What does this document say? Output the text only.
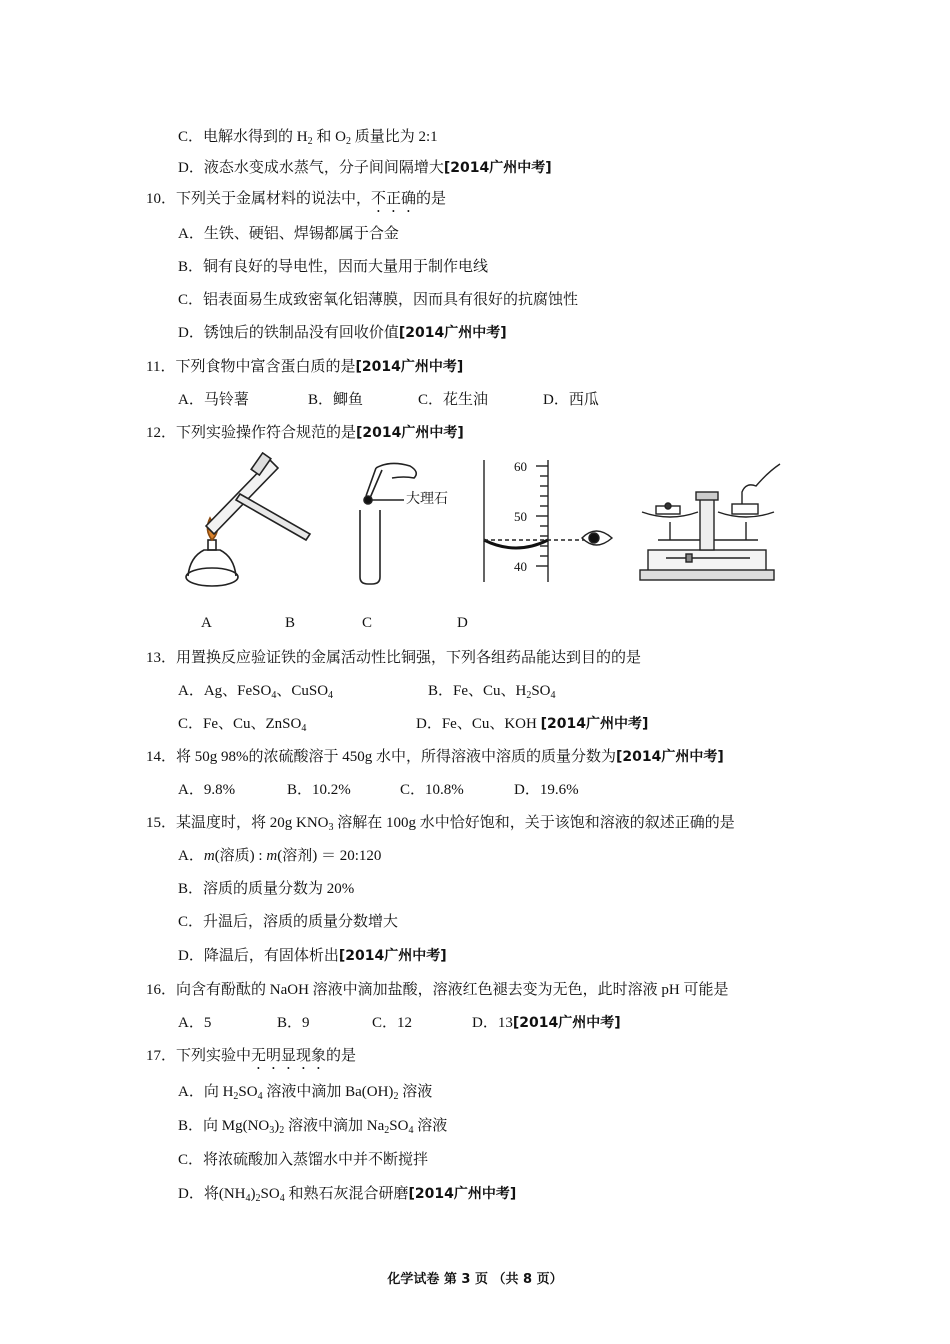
C．电解水得到的 $H_2$ 和 $O_2$ 质量比为 2:1
D．液态水变成水蒸气，分子间间隔增大[2014广州中考]
10．下列关于金属材料的说法中，不正确的是
A．生铁、硬铝、焊锡都属于合金
B．铜有良好的导电性，因而大量用于制作电线
C．铝表面易生成致密氧化铝薄膜，因而具有很好的抗腐蚀性
D．锈蚀后的铁制品没有回收价值[2014广州中考]
11．下列食物中富含蛋白质的是[2014广州中考]
A．马铃薯	B．鲫鱼	C．花生油	D．西瓜
12．下列实验操作符合规范的是[2014广州中考]
大理石
60
50
40
A	B	C	D
13．用置换反应验证铁的金属活动性比铜强，下列各组药品能达到目的的是
A．Ag、FeSO$_4$、CuSO$_4$	B．Fe、Cu、$H_2SO_4$
C．Fe、Cu、ZnSO$_4$	D．Fe、Cu、KOH [2014广州中考]
14．将 50g 98%的浓硫酸溶于 450g 水中，所得溶液中溶质的质量分数为[2014广州中考]
A．9.8%	B．10.2%	C．10.8%	D．19.6%
15．某温度时，将 20g $KNO_3$ 溶解在 100g 水中恰好饱和，关于该饱和溶液的叙述正确的是
A．m(溶质) : m(溶剂) ＝ 20:120
B．溶质的质量分数为 20%
C．升温后，溶质的质量分数增大
D．降温后，有固体析出[2014广州中考]
16．向含有酚酞的 NaOH 溶液中滴加盐酸，溶液红色褪去变为无色，此时溶液 pH 可能是
A．5	B．9	C．12	D．13[2014广州中考]
17．下列实验中无明显现象的是
A．向 $H_2SO_4$ 溶液中滴加 $Ba(OH)_2$ 溶液
B．向 $Mg(NO_3)_2$ 溶液中滴加 $Na_2SO_4$ 溶液
C．将浓硫酸加入蒸馏水中并不断搅拌
D．将$(NH_4)_2SO_4$ 和熟石灰混合研磨[2014广州中考]
化学试卷 第 3 页 （共 8 页）
